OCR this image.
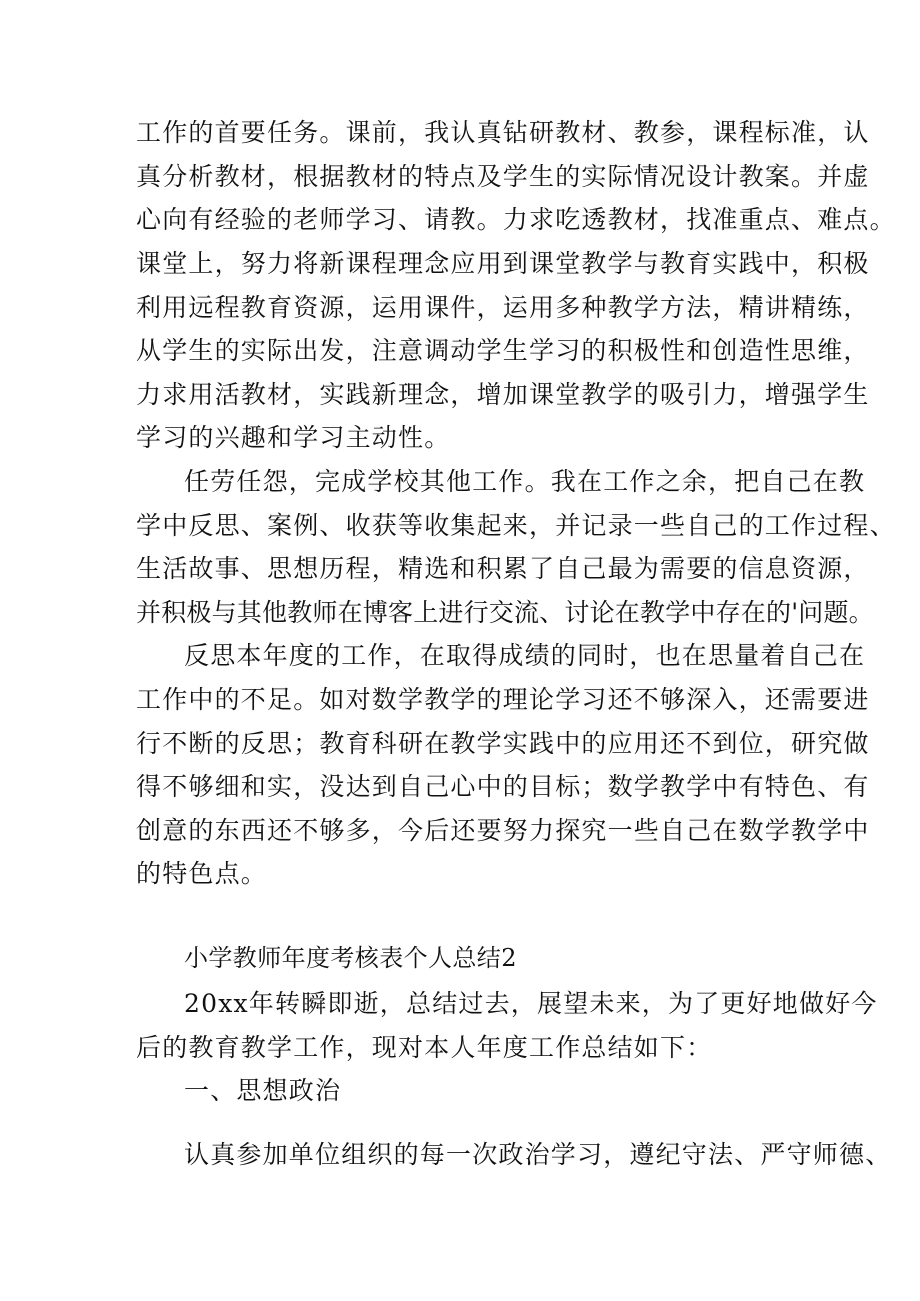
工作的首要任务。课前，我认真钻研教材、教参，课程标准，认
真分析教材，根据教材的特点及学生的实际情况设计教案。并虚
心向有经验的老师学习、请教。力求吃透教材，找准重点、难点。
课堂上，努力将新课程理念应用到课堂教学与教育实践中，积极
利用远程教育资源，运用课件，运用多种教学方法，精讲精练，
从学生的实际出发，注意调动学生学习的积极性和创造性思维，
力求用活教材，实践新理念，增加课堂教学的吸引力，增强学生
学习的兴趣和学习主动性。
任劳任怨，完成学校其他工作。我在工作之余，把自己在教
学中反思、案例、收获等收集起来，并记录一些自己的工作过程、
生活故事、思想历程，精选和积累了自己最为需要的信息资源，
并积极与其他教师在博客上进行交流、讨论在教学中存在的'问题。
反思本年度的工作，在取得成绩的同时，也在思量着自己在
工作中的不足。如对数学教学的理论学习还不够深入，还需要进
行不断的反思；教育科研在教学实践中的应用还不到位，研究做
得不够细和实，没达到自己心中的目标；数学教学中有特色、有
创意的东西还不够多，今后还要努力探究一些自己在数学教学中
的特色点。
小学教师年度考核表个人总结2
20xx年转瞬即逝，总结过去，展望未来，为了更好地做好今
后的教育教学工作，现对本人年度工作总结如下：
一、思想政治
认真参加单位组织的每一次政治学习，遵纪守法、严守师德、
